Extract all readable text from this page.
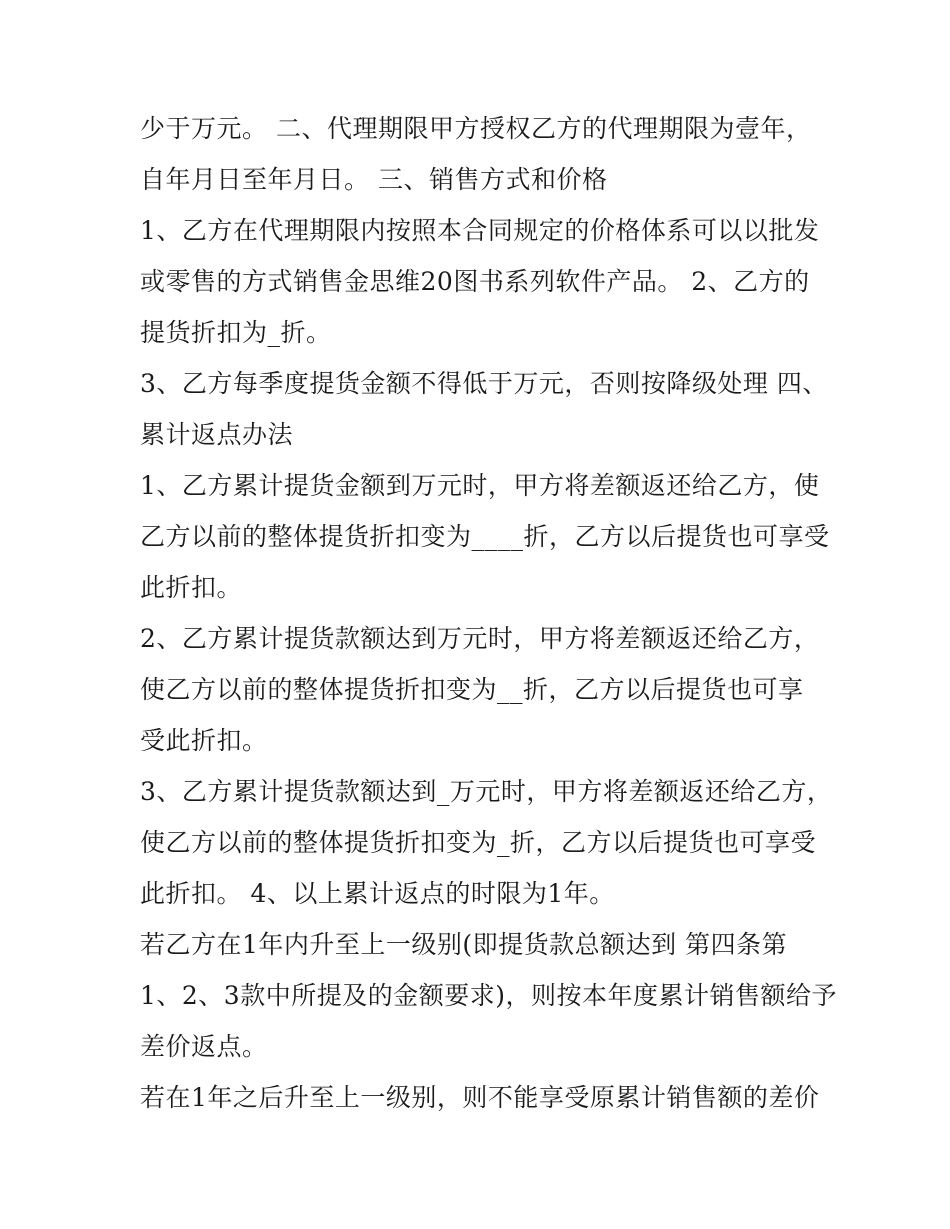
少于万元。 二、代理期限甲方授权乙方的代理期限为壹年，
自年月日至年月日。 三、销售方式和价格
1、乙方在代理期限内按照本合同规定的价格体系可以以批发
或零售的方式销售金思维20图书系列软件产品。 2、乙方的
提货折扣为_折。
3、乙方每季度提货金额不得低于万元，否则按降级处理 四、
累计返点办法
1、乙方累计提货金额到万元时，甲方将差额返还给乙方，使
乙方以前的整体提货折扣变为____折，乙方以后提货也可享受
此折扣。
2、乙方累计提货款额达到万元时，甲方将差额返还给乙方，
使乙方以前的整体提货折扣变为__折，乙方以后提货也可享
受此折扣。
3、乙方累计提货款额达到_万元时，甲方将差额返还给乙方，
使乙方以前的整体提货折扣变为_折，乙方以后提货也可享受
此折扣。 4、以上累计返点的时限为1年。
若乙方在1年内升至上一级别(即提货款总额达到 第四条第
1、2、3款中所提及的金额要求)，则按本年度累计销售额给予
差价返点。
若在1年之后升至上一级别，则不能享受原累计销售额的差价
